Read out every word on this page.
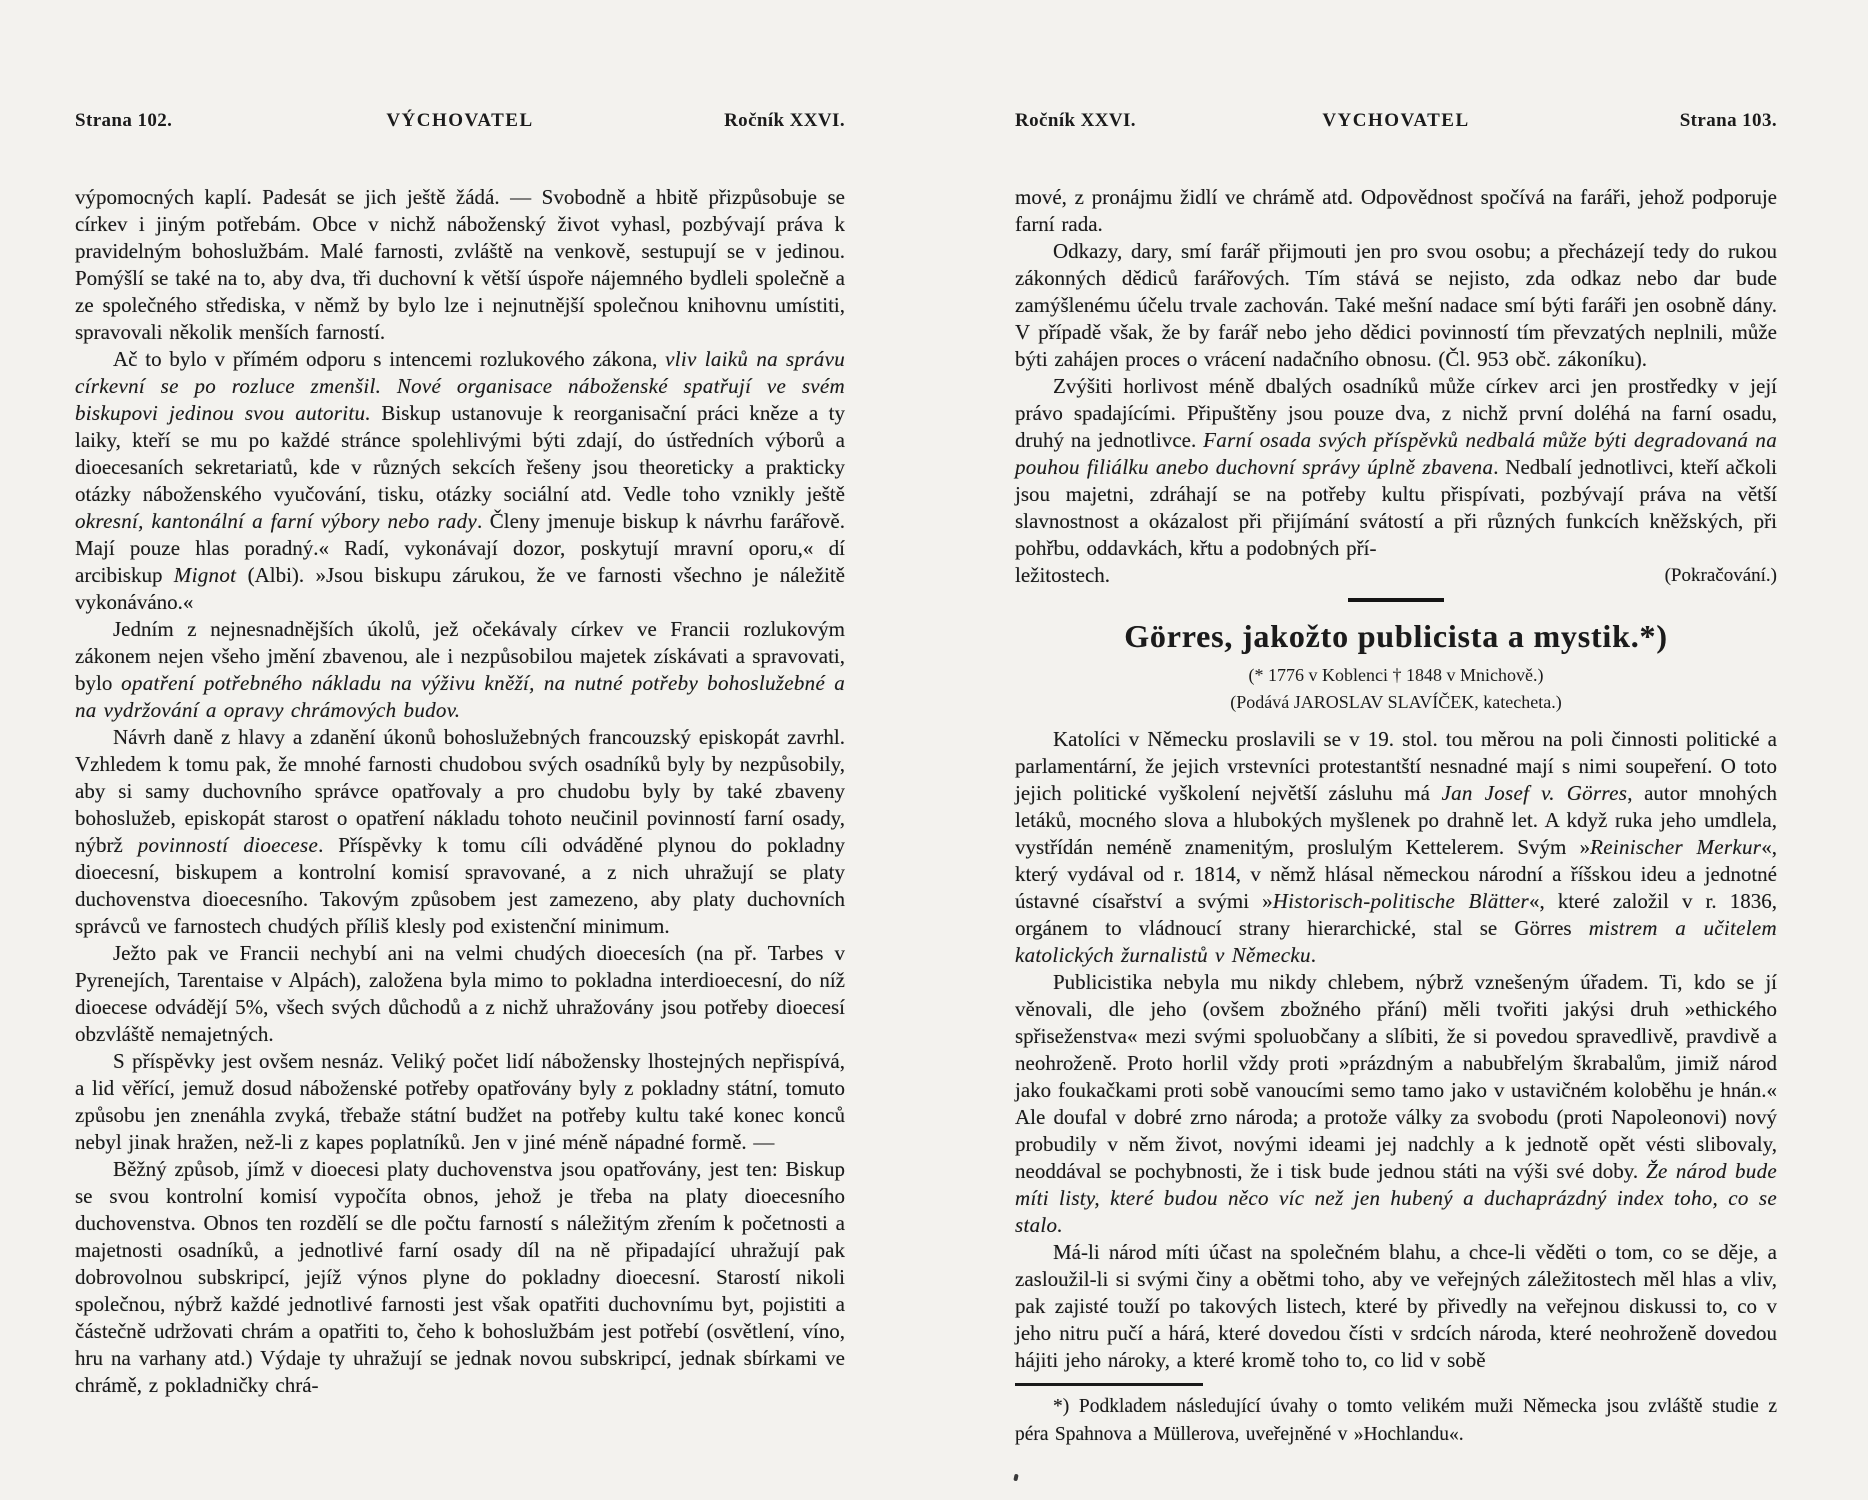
Strana 102.	VÝCHOVATEL	Ročník XXVI.

výpomocných kaplí. Padesát se jich ještě žádá. — Svobodně a hbitě přizpůsobuje se církev i jiným potřebám. Obce v nichž náboženský život vyhasl, pozbývají práva k pravidelným bohoslužbám. Malé farnosti, zvláště na venkově, sestupují se v jedinou. Pomýšlí se také na to, aby dva, tři duchovní k větší úspoře nájemného bydleli společně a ze společného střediska, v němž by bylo lze i nejnutnější společnou knihovnu umístiti, spravovali několik menších farností.

Ač to bylo v přímém odporu s intencemi rozlukového zákona, vliv laiků na správu církevní se po rozluce zmenšil. Nové organisace náboženské spatřují ve svém biskupovi jedinou svou autoritu. Biskup ustanovuje k reorganisační práci kněze a ty laiky, kteří se mu po každé stránce spolehlivými býti zdají, do ústředních výborů a dioecesaních sekretariatů, kde v různých sekcích řešeny jsou theoreticky a prakticky otázky náboženského vyučování, tisku, otázky sociální atd. Vedle toho vznikly ještě okresní, kantonální a farní výbory nebo rady. Členy jmenuje biskup k návrhu farářově. Mají pouze hlas poradný.« Radí, vykonávají dozor, poskytují mravní oporu,« dí arcibiskup Mignot (Albi). »Jsou biskupu zárukou, že ve farnosti všechno je náležitě vykonáváno.«

Jedním z nejnesnadnějších úkolů, jež očekávaly církev ve Francii rozlukovým zákonem nejen všeho jmění zbavenou, ale i nezpůsobilou majetek získávati a spravovati, bylo opatření potřebného nákladu na výživu kněží, na nutné potřeby bohoslužebné a na vydržování a opravy chrámových budov.

Návrh daně z hlavy a zdanění úkonů bohoslužebných francouzský episkopát zavrhl. Vzhledem k tomu pak, že mnohé farnosti chudobou svých osadníků byly by nezpůsobily, aby si samy duchovního správce opatřovaly a pro chudobu byly by také zbaveny bohoslužeb, episkopát starost o opatření nákladu tohoto neučinil povinností farní osady, nýbrž povinností dioecese. Příspěvky k tomu cíli odváděné plynou do pokladny dioecesní, biskupem a kontrolní komisí spravované, a z nich uhražují se platy duchovenstva dioecesního. Takovým způsobem jest zamezeno, aby platy duchovních správců ve farnostech chudých příliš klesly pod existenční minimum.

Ježto pak ve Francii nechybí ani na velmi chudých dioecesích (na př. Tarbes v Pyrenejích, Tarentaise v Alpách), založena byla mimo to pokladna interdioecesní, do níž dioecese odvádějí 5%, všech svých důchodů a z nichž uhražovány jsou potřeby dioecesí obzvláště nemajetných.

S příspěvky jest ovšem nesnáz. Veliký počet lidí nábožensky lhostejných nepřispívá, a lid věřící, jemuž dosud náboženské potřeby opatřovány byly z pokladny státní, tomuto způsobu jen znenáhla zvyká, třebaže státní budžet na potřeby kultu také konec konců nebyl jinak hražen, než-li z kapes poplatníků. Jen v jiné méně nápadné formě. —

Běžný způsob, jímž v dioecesi platy duchovenstva jsou opatřovány, jest ten: Biskup se svou kontrolní komisí vypočíta obnos, jehož je třeba na platy dioecesního duchovenstva. Obnos ten rozdělí se dle počtu farností s náležitým zřením k početnosti a majetnosti osadníků, a jednotlivé farní osady díl na ně připadající uhražují pak dobrovolnou subskripcí, jejíž výnos plyne do pokladny dioecesní. Starostí nikoli společnou, nýbrž každé jednotlivé farnosti jest však opatřiti duchovnímu byt, pojistiti a částečně udržovati chrám a opatřiti to, čeho k bohoslužbám jest potřebí (osvětlení, víno, hru na varhany atd.) Výdaje ty uhražují se jednak novou subskripcí, jednak sbírkami ve chrámě, z pokladničky chrá-

Ročník XXVI.	VYCHOVATEL	Strana 103.

mové, z pronájmu židlí ve chrámě atd. Odpovědnost spočívá na faráři, jehož podporuje farní rada.

Odkazy, dary, smí farář přijmouti jen pro svou osobu; a přecházejí tedy do rukou zákonných dědiců farářových. Tím stává se nejisto, zda odkaz nebo dar bude zamýšlenému účelu trvale zachován. Také mešní nadace smí býti faráři jen osobně dány. V případě však, že by farář nebo jeho dědici povinností tím převzatých neplnili, může býti zahájen proces o vrácení nadačního obnosu. (Čl. 953 obč. zákoníku).

Zvýšiti horlivost méně dbalých osadníků může církev arci jen prostředky v její právo spadajícími. Připuštěny jsou pouze dva, z nichž první doléhá na farní osadu, druhý na jednotlivce. Farní osada svých příspěvků nedbalá může býti degradovaná na pouhou filiálku anebo duchovní správy úplně zbavena. Nedbalí jednotlivci, kteří ačkoli jsou majetni, zdráhají se na potřeby kultu přispívati, pozbývají práva na větší slavnostnost a okázalost při přijímání svátostí a při různých funkcích kněžských, při pohřbu, oddavkách, křtu a podobných pří-

ležitostech.	(Pokračování.)
Görres, jakožto publicista a mystik.*)

(* 1776 v Koblenci † 1848 v Mnichově.)

(Podává JAROSLAV SLAVÍČEK, katecheta.)

Katolíci v Německu proslavili se v 19. stol. tou měrou na poli činnosti politické a parlamentární, že jejich vrstevníci protestantští nesnadné mají s nimi soupeření. O toto jejich politické vyškolení největší zásluhu má Jan Josef v. Görres, autor mnohých letáků, mocného slova a hlubokých myšlenek po drahně let. A když ruka jeho umdlela, vystřídán neméně znamenitým, proslulým Kettelerem. Svým »Reinischer Merkur«, který vydával od r. 1814, v němž hlásal německou národní a říšskou ideu a jednotné ústavné císařství a svými »Historisch-politische Blätter«, které založil v r. 1836, orgánem to vládnoucí strany hierarchické, stal se Görres mistrem a učitelem katolických žurnalistů v Německu.

Publicistika nebyla mu nikdy chlebem, nýbrž vznešeným úřadem. Ti, kdo se jí věnovali, dle jeho (ovšem zbožného přání) měli tvořiti jakýsi druh »ethického spřiseženstva« mezi svými spoluobčany a slíbiti, že si povedou spravedlivě, pravdivě a neohroženě. Proto horlil vždy proti »prázdným a nabubřelým škrabalům, jimiž národ jako foukačkami proti sobě vanoucími semo tamo jako v ustavičném koloběhu je hnán.« Ale doufal v dobré zrno národa; a protože války za svobodu (proti Napoleonovi) nový probudily v něm život, novými ideami jej nadchly a k jednotě opět vésti slibovaly, neoddával se pochybnosti, že i tisk bude jednou státi na výši své doby. Že národ bude míti listy, které budou něco víc než jen hubený a duchaprázdný index toho, co se stalo.

Má-li národ míti účast na společném blahu, a chce-li věděti o tom, co se děje, a zasloužil-li si svými činy a obětmi toho, aby ve veřejných záležitostech měl hlas a vliv, pak zajisté touží po takových listech, které by přivedly na veřejnou diskussi to, co v jeho nitru pučí a hárá, které dovedou čísti v srdcích národa, které neohroženě dovedou hájiti jeho nároky, a které kromě toho to, co lid v sobě

*) Podkladem následující úvahy o tomto velikém muži Německa jsou zvláště studie z péra Spahnova a Müllerova, uveřejněné v »Hochlandu«.
